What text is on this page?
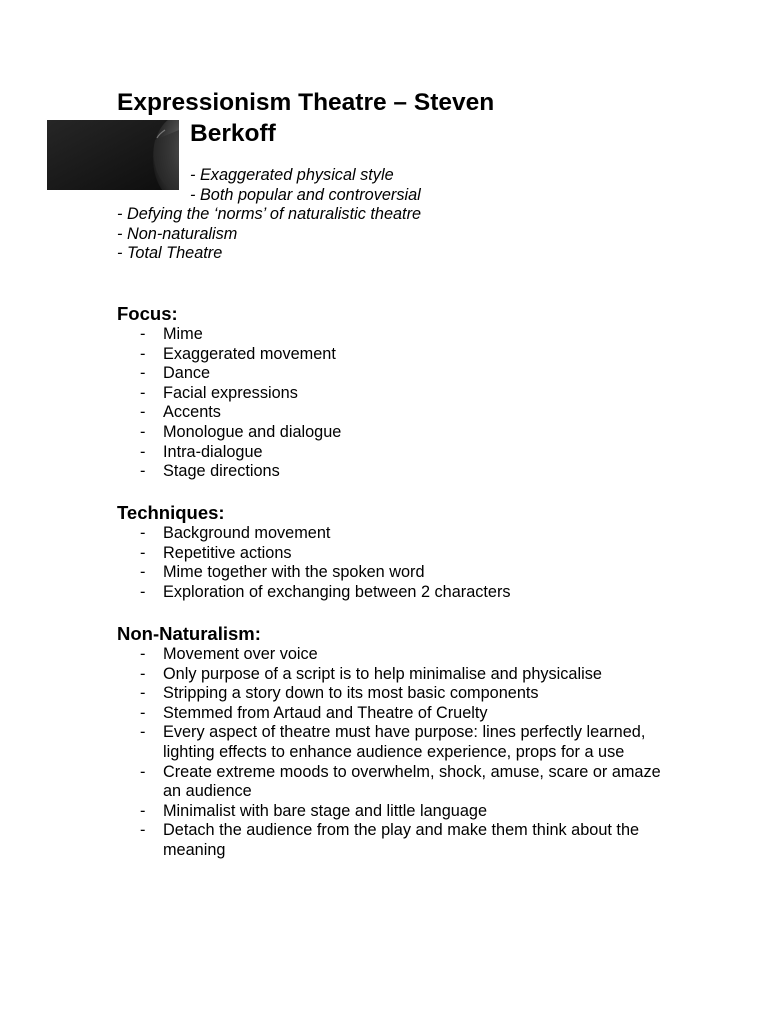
Expressionism Theatre – Steven
Berkoff
- Exaggerated physical style
- Both popular and controversial
- Defying the ‘norms’ of naturalistic theatre
- Non-naturalism
- Total Theatre
Focus:
- Mime
- Exaggerated movement
- Dance
- Facial expressions
- Accents
- Monologue and dialogue
- Intra-dialogue
- Stage directions
Techniques:
- Background movement
- Repetitive actions
- Mime together with the spoken word
- Exploration of exchanging between 2 characters
Non-Naturalism:
- Movement over voice
- Only purpose of a script is to help minimalise and physicalise
- Stripping a story down to its most basic components
- Stemmed from Artaud and Theatre of Cruelty
- Every aspect of theatre must have purpose: lines perfectly learned, lighting effects to enhance audience experience, props for a use
- Create extreme moods to overwhelm, shock, amuse, scare or amaze an audience
- Minimalist with bare stage and little language
- Detach the audience from the play and make them think about the meaning
